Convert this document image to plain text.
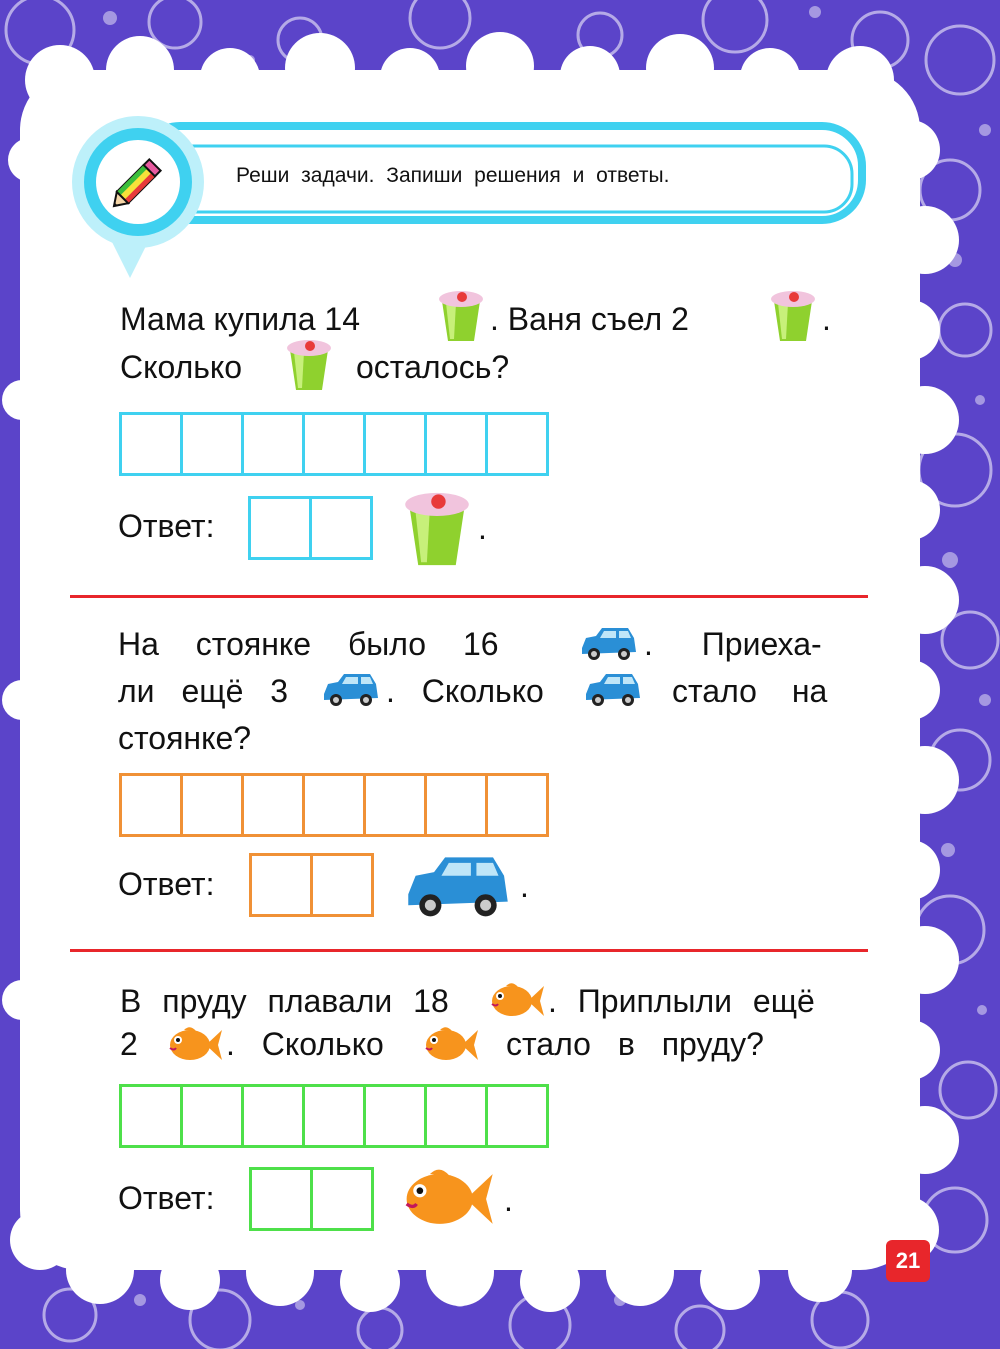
Реши задачи. Запиши решения и ответы.
Мама купила 14	. Ваня съел 2	.
Сколько	осталось?
Ответ:	.
На стоянке было 16	. Приеха-
ли ещё 3	. Сколько	стало на
стоянке?
Ответ:	.
В пруду плавали 18	. Приплыли ещё
2	. Сколько	стало в пруду?
Ответ:	.
21
